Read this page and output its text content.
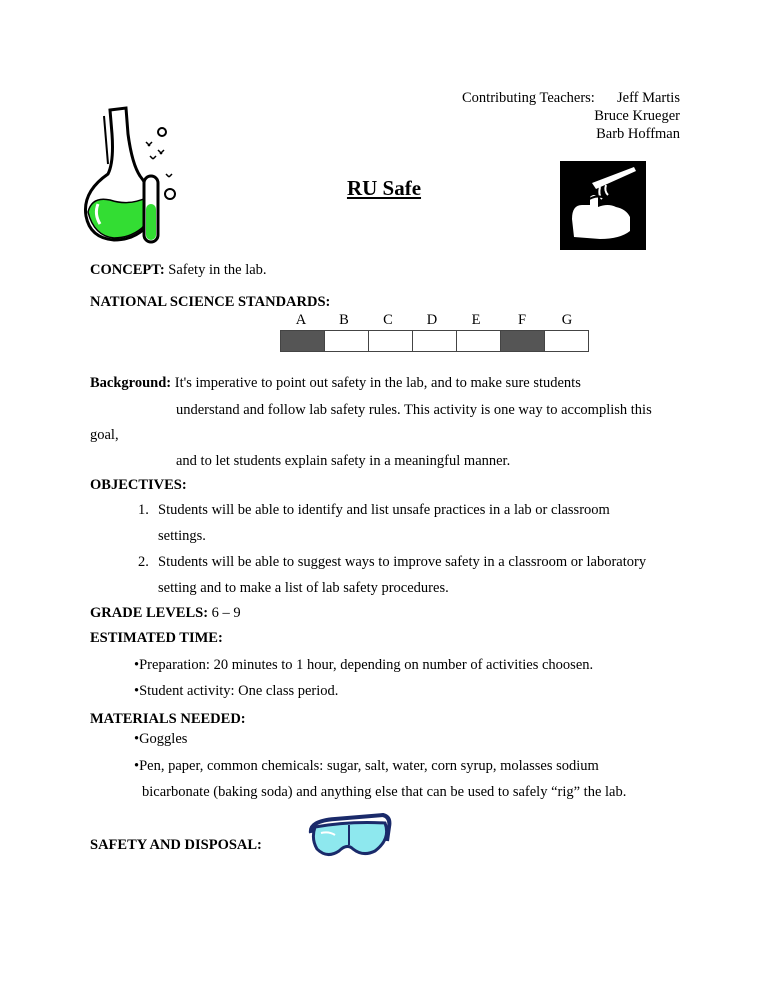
Contributing Teachers: Jeff Martis
Bruce Krueger
Barb Hoffman
RU Safe
CONCEPT: Safety in the lab.
NATIONAL SCIENCE STANDARDS:
A	B	C	D	E	F	G

Background: It's imperative to point out safety in the lab, and to make sure students
understand and follow lab safety rules. This activity is one way to accomplish this
goal,
and to let students explain safety in a meaningful manner.
OBJECTIVES:
1. Students will be able to identify and list unsafe practices in a lab or classroom
settings.
2. Students will be able to suggest ways to improve safety in a classroom or laboratory
setting and to make a list of lab safety procedures.
GRADE LEVELS: 6 – 9
ESTIMATED TIME:
•Preparation: 20 minutes to 1 hour, depending on number of activities choosen.
•Student activity: One class period.
MATERIALS NEEDED:
•Goggles
•Pen, paper, common chemicals: sugar, salt, water, corn syrup, molasses sodium
bicarbonate (baking soda) and anything else that can be used to safely “rig” the lab.
SAFETY AND DISPOSAL:
